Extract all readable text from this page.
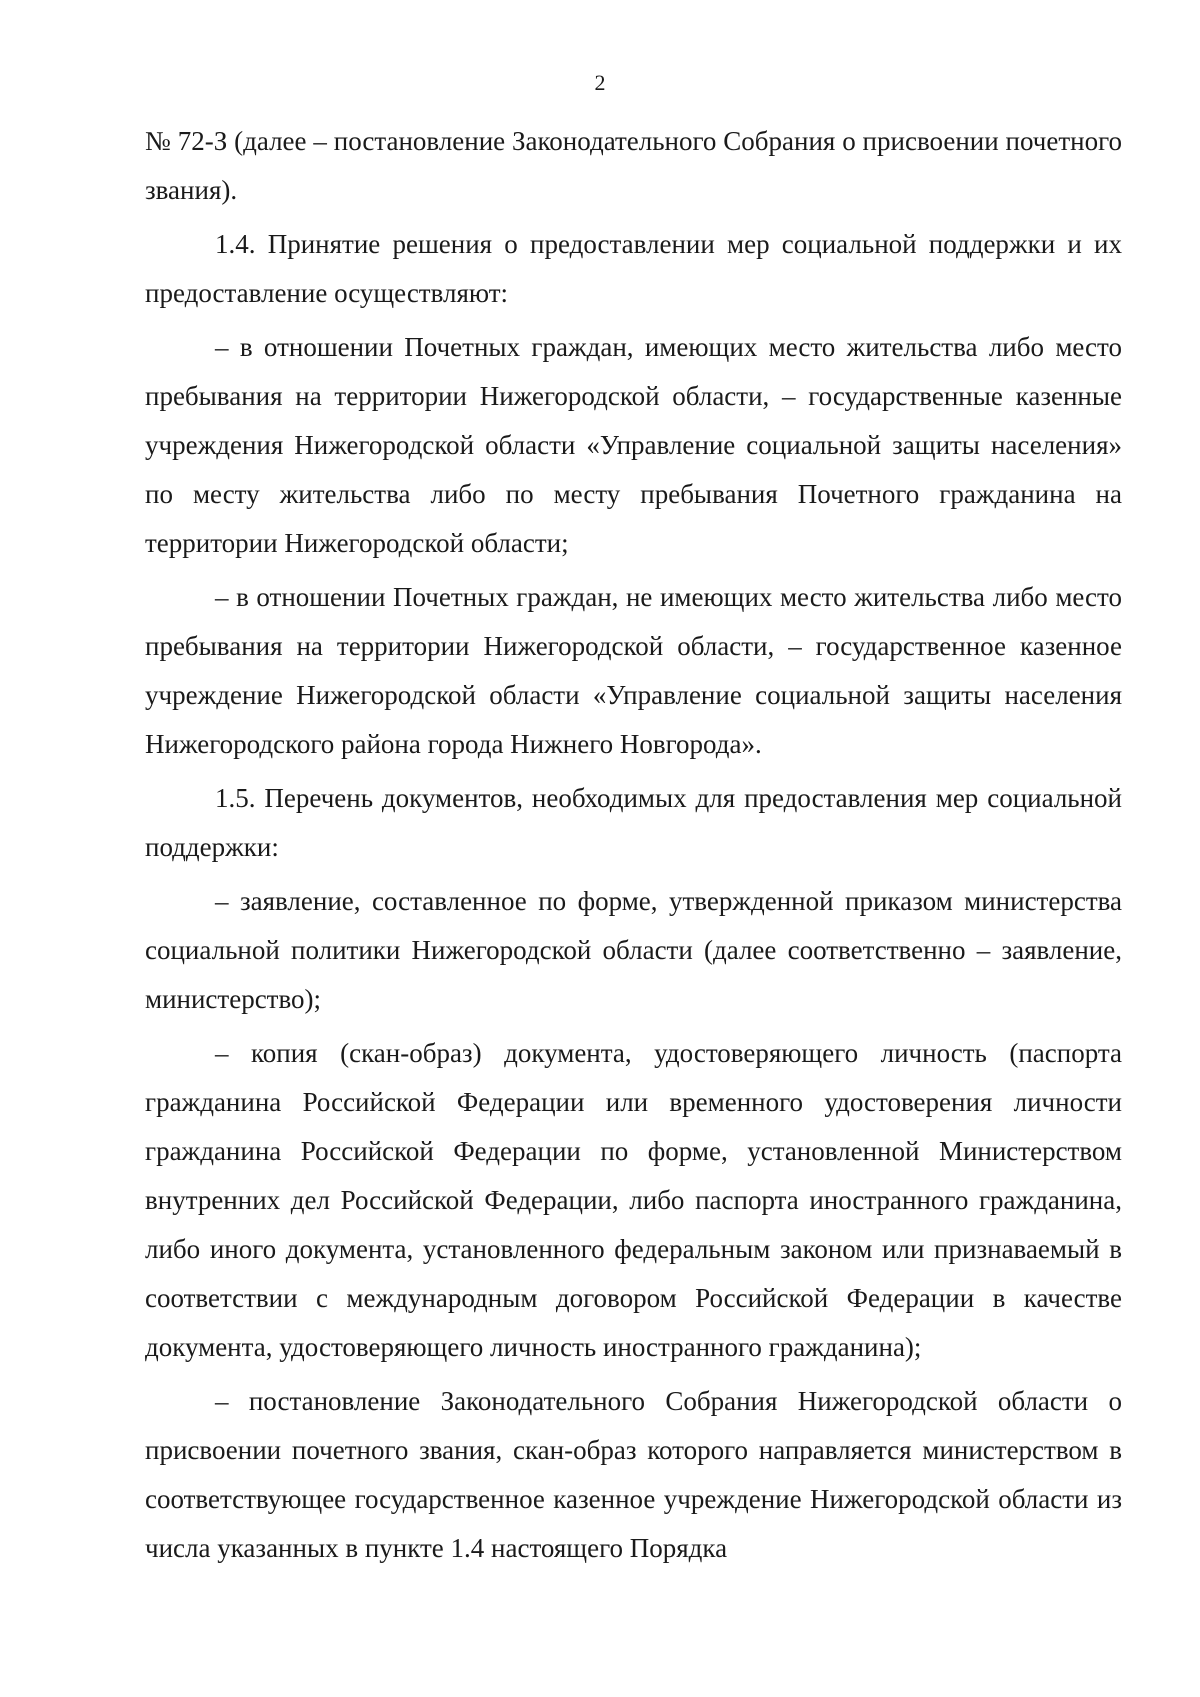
2

№ 72-З (далее – постановление Законодательного Собрания о присвоении почетного звания).

1.4. Принятие решения о предоставлении мер социальной поддержки и их предоставление осуществляют:

– в отношении Почетных граждан, имеющих место жительства либо место пребывания на территории Нижегородской области, – государственные казенные учреждения Нижегородской области «Управление социальной защиты населения» по месту жительства либо по месту пребывания Почетного гражданина на территории Нижегородской области;

– в отношении Почетных граждан, не имеющих место жительства либо место пребывания на территории Нижегородской области, – государственное казенное учреждение Нижегородской области «Управление социальной защиты населения Нижегородского района города Нижнего Новгорода».

1.5. Перечень документов, необходимых для предоставления мер социальной поддержки:

– заявление, составленное по форме, утвержденной приказом министерства социальной политики Нижегородской области (далее соответственно – заявление, министерство);

– копия (скан-образ) документа, удостоверяющего личность (паспорта гражданина Российской Федерации или временного удостоверения личности гражданина Российской Федерации по форме, установленной Министерством внутренних дел Российской Федерации, либо паспорта иностранного гражданина, либо иного документа, установленного федеральным законом или признаваемый в соответствии с международным договором Российской Федерации в качестве документа, удостоверяющего личность иностранного гражданина);

– постановление Законодательного Собрания Нижегородской области о присвоении почетного звания, скан-образ которого направляется министерством в соответствующее государственное казенное учреждение Нижегородской области из числа указанных в пункте 1.4 настоящего Порядка
